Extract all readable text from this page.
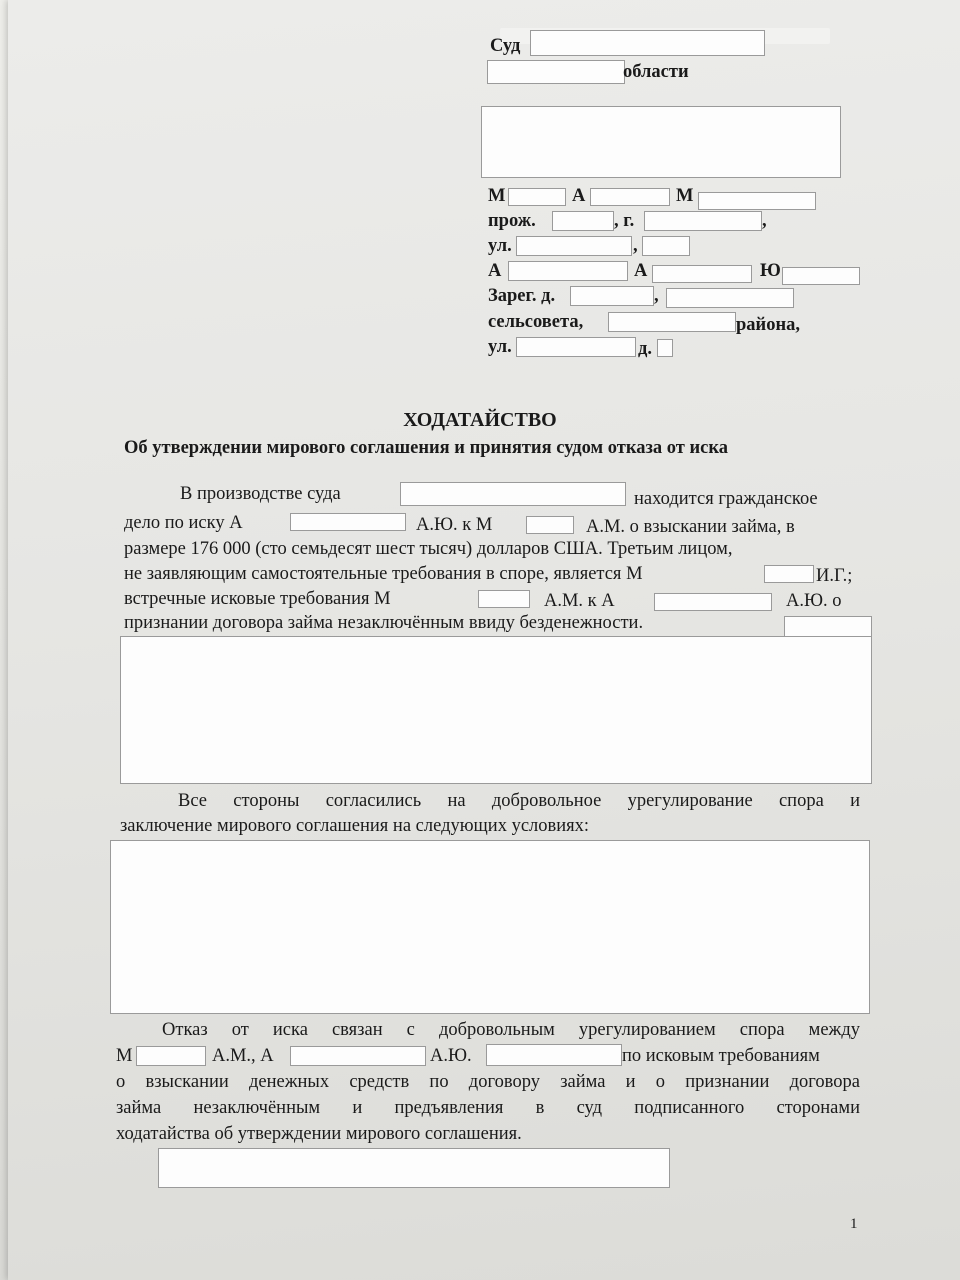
Суд
области
М	А	М
прож.	, г.	,
ул.	,
А	А	Ю
Зарег. д.	,
сельсовета,	района,
ул.	д.
ХОДАТАЙСТВО
Об утверждении мирового соглашения и принятия судом отказа от иска
В производстве суда	находится гражданское
дело по иску А	А.Ю. к М	А.М. о взыскании займа, в
размере 176 000 (сто семьдесят шест тысяч) долларов США. Третьим лицом,
не заявляющим самостоятельные требования в споре, является М	И.Г.;
встречные исковые требования М	А.М. к А	А.Ю. о
признании договора займа незаключённым ввиду безденежности.
Все стороны согласились на добровольное урегулирование спора и
заключение мирового соглашения на следующих условиях:
Отказ от иска связан с добровольным урегулированием спора между
М	А.М., А	А.Ю.	по исковым требованиям
о взыскании денежных средств по договору займа и о признании договора
займа незаключённым и предъявления в суд подписанного сторонами
ходатайства об утверждении мирового соглашения.
1
